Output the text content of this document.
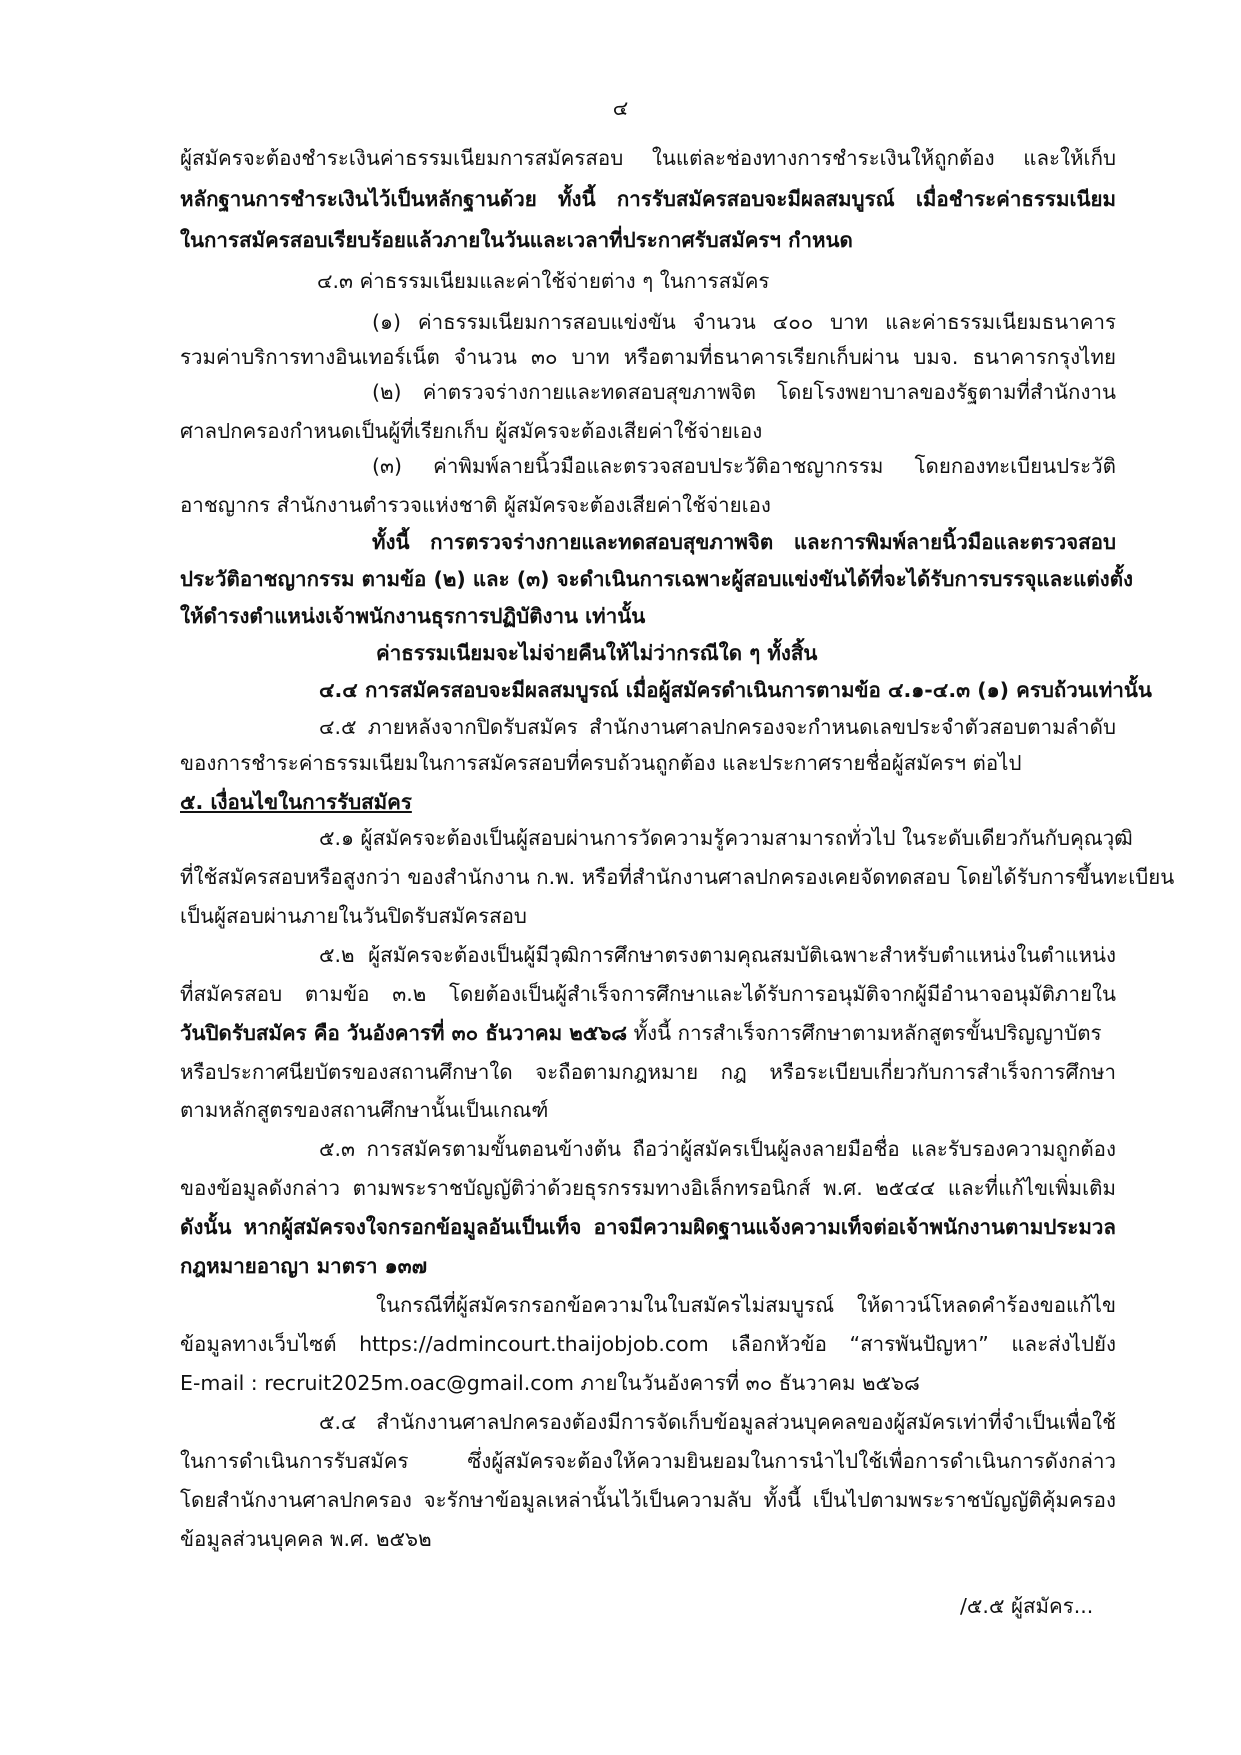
๔
ผู้สมัครจะต้องชำระเงินค่าธรรมเนียมการสมัครสอบ ในแต่ละช่องทางการชำระเงินให้ถูกต้อง และให้เก็บ
หลักฐานการชำระเงินไว้เป็นหลักฐานด้วย ทั้งนี้ การรับสมัครสอบจะมีผลสมบูรณ์ เมื่อชำระค่าธรรมเนียม
ในการสมัครสอบเรียบร้อยแล้วภายในวันและเวลาที่ประกาศรับสมัครฯ กำหนด
๔.๓ ค่าธรรมเนียมและค่าใช้จ่ายต่าง ๆ ในการสมัคร
(๑) ค่าธรรมเนียมการสอบแข่งขัน จำนวน ๔๐๐ บาท และค่าธรรมเนียมธนาคาร
รวมค่าบริการทางอินเทอร์เน็ต จำนวน ๓๐ บาท หรือตามที่ธนาคารเรียกเก็บผ่าน บมจ. ธนาคารกรุงไทย
(๒) ค่าตรวจร่างกายและทดสอบสุขภาพจิต โดยโรงพยาบาลของรัฐตามที่สำนักงาน
ศาลปกครองกำหนดเป็นผู้ที่เรียกเก็บ ผู้สมัครจะต้องเสียค่าใช้จ่ายเอง
(๓) ค่าพิมพ์ลายนิ้วมือและตรวจสอบประวัติอาชญากรรม โดยกองทะเบียนประวัติ
อาชญากร สำนักงานตำรวจแห่งชาติ ผู้สมัครจะต้องเสียค่าใช้จ่ายเอง
ทั้งนี้ การตรวจร่างกายและทดสอบสุขภาพจิต และการพิมพ์ลายนิ้วมือและตรวจสอบ
ประวัติอาชญากรรม ตามข้อ (๒) และ (๓) จะดำเนินการเฉพาะผู้สอบแข่งขันได้ที่จะได้รับการบรรจุและแต่งตั้ง
ให้ดำรงตำแหน่งเจ้าพนักงานธุรการปฏิบัติงาน เท่านั้น
ค่าธรรมเนียมจะไม่จ่ายคืนให้ไม่ว่ากรณีใด ๆ ทั้งสิ้น
๔.๔ การสมัครสอบจะมีผลสมบูรณ์ เมื่อผู้สมัครดำเนินการตามข้อ ๔.๑-๔.๓ (๑) ครบถ้วนเท่านั้น
๔.๕ ภายหลังจากปิดรับสมัคร สำนักงานศาลปกครองจะกำหนดเลขประจำตัวสอบตามลำดับ
ของการชำระค่าธรรมเนียมในการสมัครสอบที่ครบถ้วนถูกต้อง และประกาศรายชื่อผู้สมัครฯ ต่อไป
๕. เงื่อนไขในการรับสมัคร
๕.๑ ผู้สมัครจะต้องเป็นผู้สอบผ่านการวัดความรู้ความสามารถทั่วไป ในระดับเดียวกันกับคุณวุฒิ
ที่ใช้สมัครสอบหรือสูงกว่า ของสำนักงาน ก.พ. หรือที่สำนักงานศาลปกครองเคยจัดทดสอบ โดยได้รับการขึ้นทะเบียน
เป็นผู้สอบผ่านภายในวันปิดรับสมัครสอบ
๕.๒ ผู้สมัครจะต้องเป็นผู้มีวุฒิการศึกษาตรงตามคุณสมบัติเฉพาะสำหรับตำแหน่งในตำแหน่ง
ที่สมัครสอบ ตามข้อ ๓.๒ โดยต้องเป็นผู้สำเร็จการศึกษาและได้รับการอนุมัติจากผู้มีอำนาจอนุมัติภายใน
วันปิดรับสมัคร คือ วันอังคารที่ ๓๐ ธันวาคม ๒๕๖๘ ทั้งนี้ การสำเร็จการศึกษาตามหลักสูตรขั้นปริญญาบัตร
หรือประกาศนียบัตรของสถานศึกษาใด จะถือตามกฎหมาย กฎ หรือระเบียบเกี่ยวกับการสำเร็จการศึกษา
ตามหลักสูตรของสถานศึกษานั้นเป็นเกณฑ์
๕.๓ การสมัครตามขั้นตอนข้างต้น ถือว่าผู้สมัครเป็นผู้ลงลายมือชื่อ และรับรองความถูกต้อง
ของข้อมูลดังกล่าว ตามพระราชบัญญัติว่าด้วยธุรกรรมทางอิเล็กทรอนิกส์ พ.ศ. ๒๕๔๔ และที่แก้ไขเพิ่มเติม
ดังนั้น หากผู้สมัครจงใจกรอกข้อมูลอันเป็นเท็จ อาจมีความผิดฐานแจ้งความเท็จต่อเจ้าพนักงานตามประมวล
กฎหมายอาญา มาตรา ๑๓๗
ในกรณีที่ผู้สมัครกรอกข้อความในใบสมัครไม่สมบูรณ์ ให้ดาวน์โหลดคำร้องขอแก้ไข
ข้อมูลทางเว็บไซต์ https://admincourt.thaijobjob.com เลือกหัวข้อ “สารพันปัญหา” และส่งไปยัง
E-mail : recruit2025m.oac@gmail.com ภายในวันอังคารที่ ๓๐ ธันวาคม ๒๕๖๘
๕.๔ สำนักงานศาลปกครองต้องมีการจัดเก็บข้อมูลส่วนบุคคลของผู้สมัครเท่าที่จำเป็นเพื่อใช้
ในการดำเนินการรับสมัคร ซึ่งผู้สมัครจะต้องให้ความยินยอมในการนำไปใช้เพื่อการดำเนินการดังกล่าว
โดยสำนักงานศาลปกครอง จะรักษาข้อมูลเหล่านั้นไว้เป็นความลับ ทั้งนี้ เป็นไปตามพระราชบัญญัติคุ้มครอง
ข้อมูลส่วนบุคคล พ.ศ. ๒๕๖๒
/๕.๕ ผู้สมัคร...
